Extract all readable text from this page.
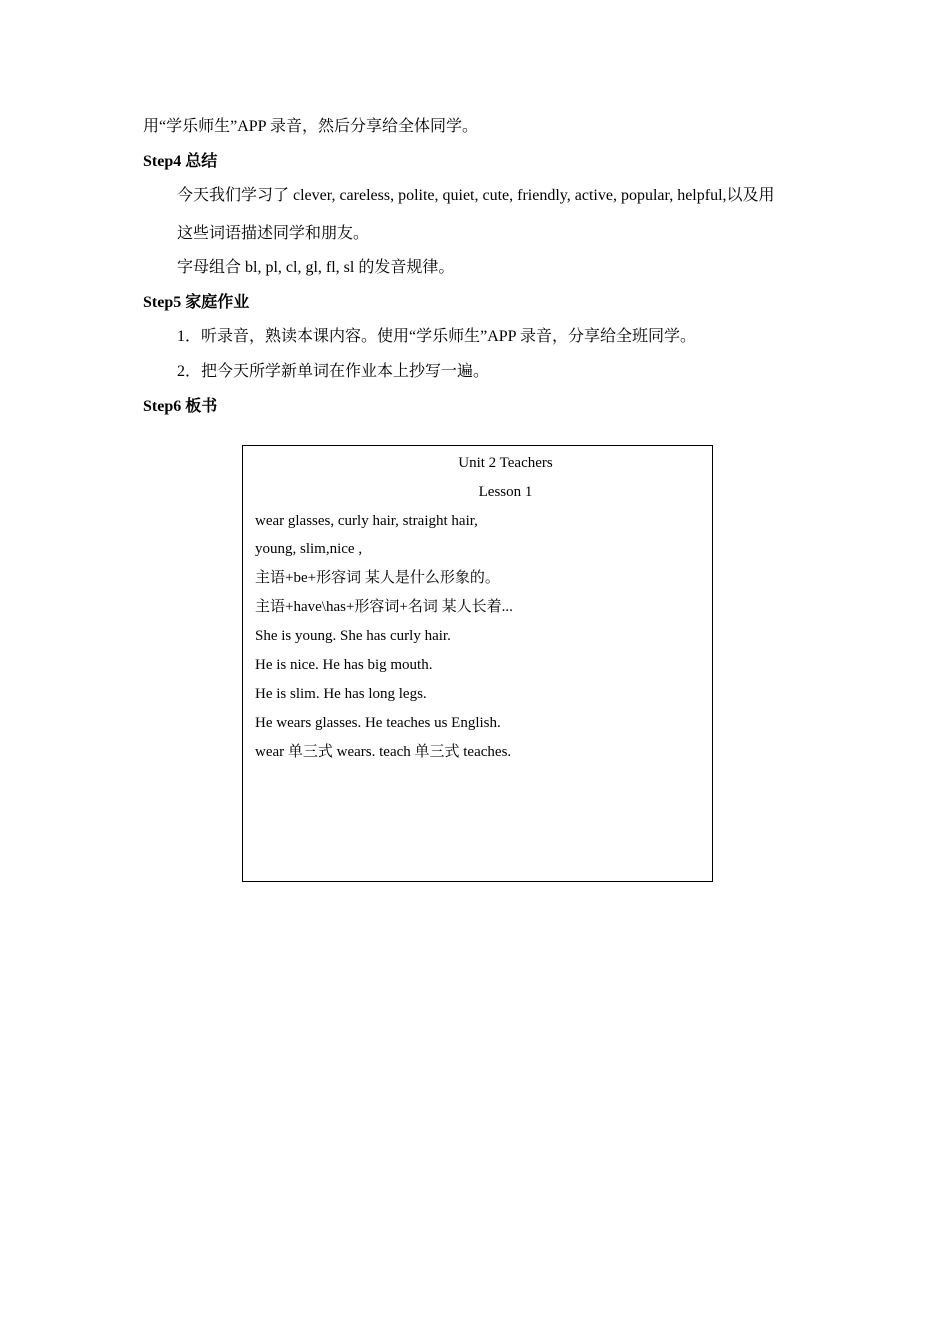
用“学乐师生”APP 录音，然后分享给全体同学。
Step4 总结
今天我们学习了 clever, careless, polite, quiet, cute, friendly, active, popular, helpful,以及用
这些词语描述同学和朋友。
字母组合 bl, pl, cl, gl, fl, sl 的发音规律。
Step5 家庭作业
1．听录音，熟读本课内容。使用“学乐师生”APP 录音，分享给全班同学。
2．把今天所学新单词在作业本上抄写一遍。
Step6 板书
Unit 2 Teachers
Lesson 1
wear glasses, curly hair, straight hair,
young, slim,nice ,
主语+be+形容词 某人是什么形象的。
主语+have\has+形容词+名词 某人长着...
She is young. She has curly hair.
He is nice. He has big mouth.
He is slim. He has long legs.
He wears glasses. He teaches us English.
wear 单三式 wears. teach 单三式 teaches.
